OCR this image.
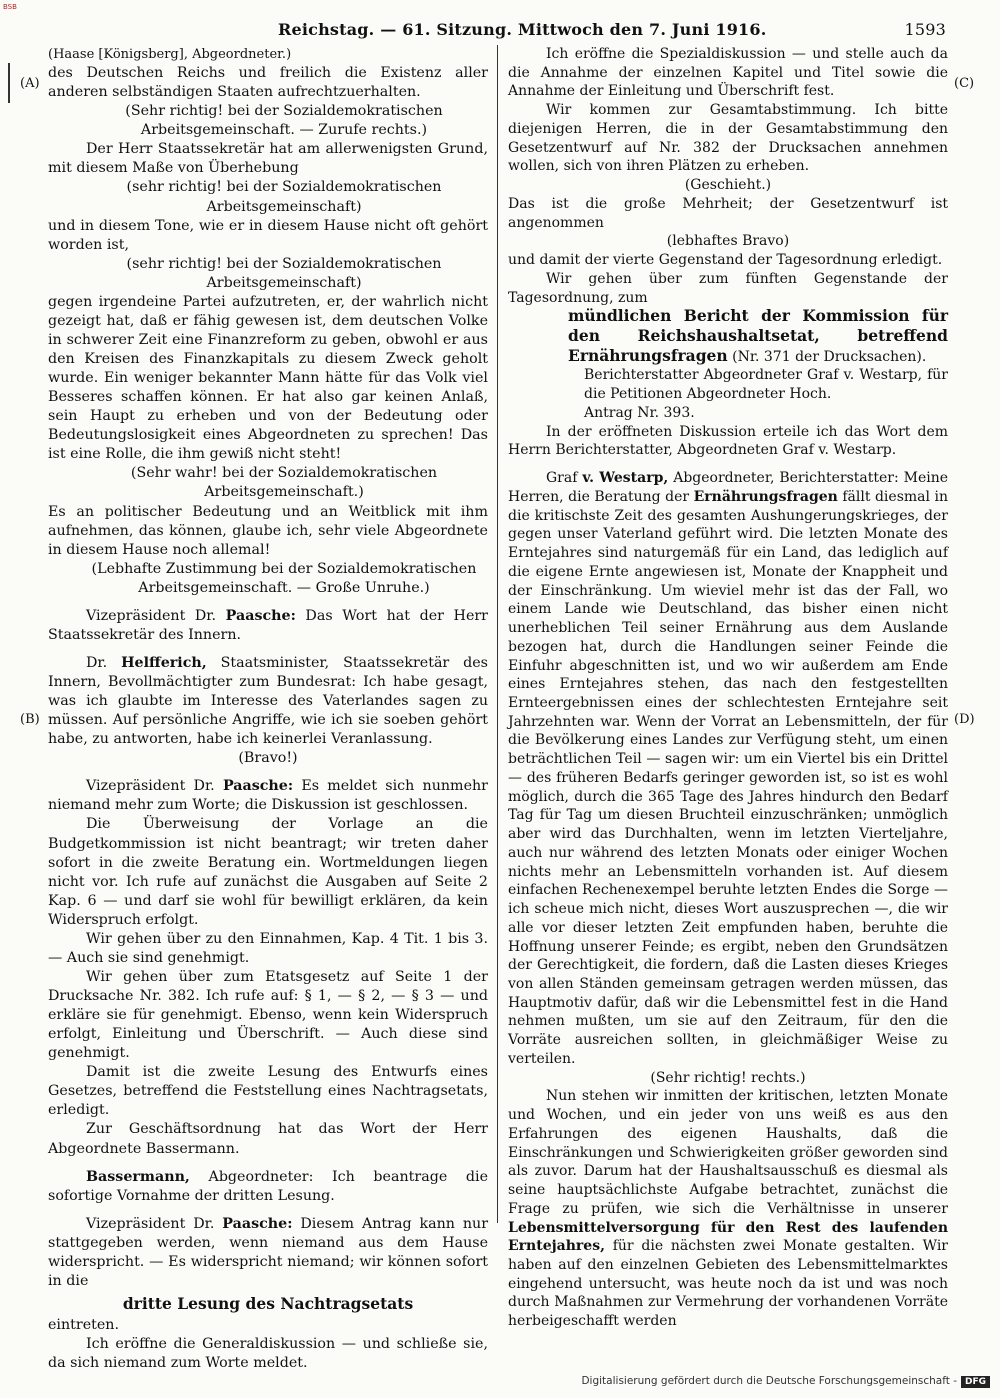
BSB
Reichstag. — 61. Sitzung. Mittwoch den 7. Juni 1916.	1593
(A)
(B)
(C)
(D)

(Haase [Königsberg], Abgeordneter.)

des Deutschen Reichs und freilich die Existenz aller anderen selbständigen Staaten aufrechtzuerhalten.

(Sehr richtig! bei der Sozialdemokratischen Arbeitsgemeinschaft. — Zurufe rechts.)

Der Herr Staatssekretär hat am allerwenigsten Grund, mit diesem Maße von Überhebung

(sehr richtig! bei der Sozialdemokratischen Arbeitsgemeinschaft)

und in diesem Tone, wie er in diesem Hause nicht oft gehört worden ist,

(sehr richtig! bei der Sozialdemokratischen Arbeitsgemeinschaft)

gegen irgendeine Partei aufzutreten, er, der wahrlich nicht gezeigt hat, daß er fähig gewesen ist, dem deutschen Volke in schwerer Zeit eine Finanzreform zu geben, obwohl er aus den Kreisen des Finanzkapitals zu diesem Zweck geholt wurde. Ein weniger bekannter Mann hätte für das Volk viel Besseres schaffen können. Er hat also gar keinen Anlaß, sein Haupt zu erheben und von der Bedeutung oder Bedeutungslosigkeit eines Abgeordneten zu sprechen! Das ist eine Rolle, die ihm gewiß nicht steht!

(Sehr wahr! bei der Sozialdemokratischen Arbeitsgemeinschaft.)

Es an politischer Bedeutung und an Weitblick mit ihm aufnehmen, das können, glaube ich, sehr viele Abgeordnete in diesem Hause noch allemal!

(Lebhafte Zustimmung bei der Sozialdemokratischen Arbeitsgemeinschaft. — Große Unruhe.)

Vizepräsident Dr. Paasche: Das Wort hat der Herr Staatssekretär des Innern.

Dr. Helfferich, Staatsminister, Staatssekretär des Innern, Bevollmächtigter zum Bundesrat: Ich habe gesagt, was ich glaubte im Interesse des Vaterlandes sagen zu müssen. Auf persönliche Angriffe, wie ich sie soeben gehört habe, zu antworten, habe ich keinerlei Veranlassung.

(Bravo!)

Vizepräsident Dr. Paasche: Es meldet sich nunmehr niemand mehr zum Worte; die Diskussion ist geschlossen.

Die Überweisung der Vorlage an die Budgetkommission ist nicht beantragt; wir treten daher sofort in die zweite Beratung ein. Wortmeldungen liegen nicht vor. Ich rufe auf zunächst die Ausgaben auf Seite 2 Kap. 6 — und darf sie wohl für bewilligt erklären, da kein Widerspruch erfolgt.

Wir gehen über zu den Einnahmen, Kap. 4 Tit. 1 bis 3. — Auch sie sind genehmigt.

Wir gehen über zum Etatsgesetz auf Seite 1 der Drucksache Nr. 382. Ich rufe auf: § 1, — § 2, — § 3 — und erkläre sie für genehmigt. Ebenso, wenn kein Widerspruch erfolgt, Einleitung und Überschrift. — Auch diese sind genehmigt.

Damit ist die zweite Lesung des Entwurfs eines Gesetzes, betreffend die Feststellung eines Nachtragsetats, erledigt.

Zur Geschäftsordnung hat das Wort der Herr Abgeordnete Bassermann.

Bassermann, Abgeordneter: Ich beantrage die sofortige Vornahme der dritten Lesung.

Vizepräsident Dr. Paasche: Diesem Antrag kann nur stattgegeben werden, wenn niemand aus dem Hause widerspricht. — Es widerspricht niemand; wir können sofort in die

dritte Lesung des Nachtragsetats

eintreten.

Ich eröffne die Generaldiskussion — und schließe sie, da sich niemand zum Worte meldet.

Ich eröffne die Spezialdiskussion — und stelle auch da die Annahme der einzelnen Kapitel und Titel sowie die Annahme der Einleitung und Überschrift fest.

Wir kommen zur Gesamtabstimmung. Ich bitte diejenigen Herren, die in der Gesamtabstimmung den Gesetzentwurf auf Nr. 382 der Drucksachen annehmen wollen, sich von ihren Plätzen zu erheben.

(Geschieht.)

Das ist die große Mehrheit; der Gesetzentwurf ist angenommen

(lebhaftes Bravo)

und damit der vierte Gegenstand der Tagesordnung erledigt.

Wir gehen über zum fünften Gegenstande der Tagesordnung, zum

mündlichen Bericht der Kommission für den Reichshaushaltsetat, betreffend Ernährungsfragen (Nr. 371 der Drucksachen).

Berichterstatter Abgeordneter Graf v. Westarp, für die Petitionen Abgeordneter Hoch.

Antrag Nr. 393.

In der eröffneten Diskussion erteile ich das Wort dem Herrn Berichterstatter, Abgeordneten Graf v. Westarp.

Graf v. Westarp, Abgeordneter, Berichterstatter: Meine Herren, die Beratung der Ernährungsfragen fällt diesmal in die kritischste Zeit des gesamten Aushungerungskrieges, der gegen unser Vaterland geführt wird. Die letzten Monate des Erntejahres sind naturgemäß für ein Land, das lediglich auf die eigene Ernte angewiesen ist, Monate der Knappheit und der Einschränkung. Um wieviel mehr ist das der Fall, wo einem Lande wie Deutschland, das bisher einen nicht unerheblichen Teil seiner Ernährung aus dem Auslande bezogen hat, durch die Handlungen seiner Feinde die Einfuhr abgeschnitten ist, und wo wir außerdem am Ende eines Erntejahres stehen, das nach den festgestellten Ernteergebnissen eines der schlechtesten Erntejahre seit Jahrzehnten war. Wenn der Vorrat an Lebensmitteln, der für die Bevölkerung eines Landes zur Verfügung steht, um einen beträchtlichen Teil — sagen wir: um ein Viertel bis ein Drittel — des früheren Bedarfs geringer geworden ist, so ist es wohl möglich, durch die 365 Tage des Jahres hindurch den Bedarf Tag für Tag um diesen Bruchteil einzuschränken; unmöglich aber wird das Durchhalten, wenn im letzten Vierteljahre, auch nur während des letzten Monats oder einiger Wochen nichts mehr an Lebensmitteln vorhanden ist. Auf diesem einfachen Rechenexempel beruhte letzten Endes die Sorge — ich scheue mich nicht, dieses Wort auszusprechen —, die wir alle vor dieser letzten Zeit empfunden haben, beruhte die Hoffnung unserer Feinde; es ergibt, neben den Grundsätzen der Gerechtigkeit, die fordern, daß die Lasten dieses Krieges von allen Ständen gemeinsam getragen werden müssen, das Hauptmotiv dafür, daß wir die Lebensmittel fest in die Hand nehmen mußten, um sie auf den Zeitraum, für den die Vorräte ausreichen sollten, in gleichmäßiger Weise zu verteilen.

(Sehr richtig! rechts.)

Nun stehen wir inmitten der kritischen, letzten Monate und Wochen, und ein jeder von uns weiß es aus den Erfahrungen des eigenen Haushalts, daß die Einschränkungen und Schwierigkeiten größer geworden sind als zuvor. Darum hat der Haushaltsausschuß es diesmal als seine hauptsächlichste Aufgabe betrachtet, zunächst die Frage zu prüfen, wie sich die Verhältnisse in unserer Lebensmittelversorgung für den Rest des laufenden Erntejahres, für die nächsten zwei Monate gestalten. Wir haben auf den einzelnen Gebieten des Lebensmittelmarktes eingehend untersucht, was heute noch da ist und was noch durch Maßnahmen zur Vermehrung der vorhandenen Vorräte herbeigeschafft werden

Digitalisierung gefördert durch die Deutsche Forschungsgemeinschaft - DFG
